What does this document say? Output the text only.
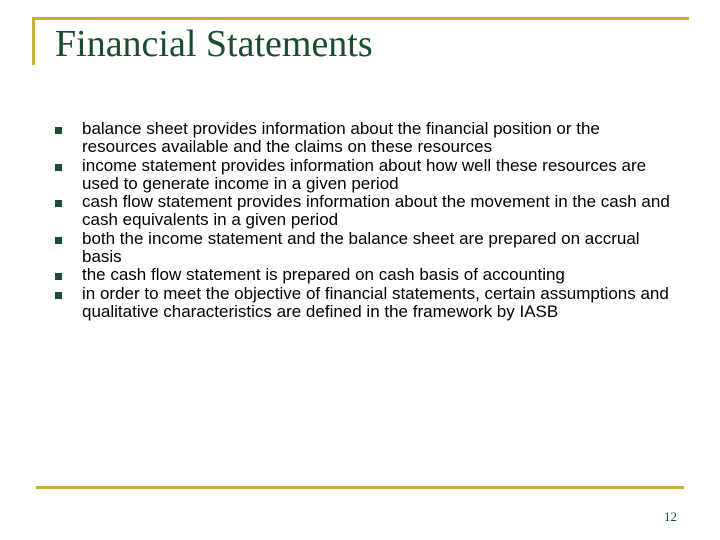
Financial Statements
balance sheet provides information about the financial position or the resources available and the claims on these resources
income statement provides information about how well these resources are used to generate income in a given period
cash flow statement provides information about the movement in the cash and cash equivalents in a given period
both the income statement and the balance sheet are prepared on accrual basis
the cash flow statement is prepared on cash basis of accounting
in order to meet the objective of financial statements, certain assumptions and qualitative characteristics are defined in the framework by IASB
12
